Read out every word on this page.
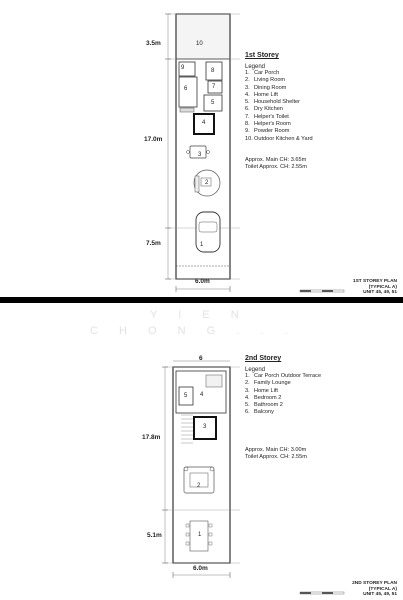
10
9	8
6	7
5
4
3
2
1
3.5m
17.0m
7.5m
6.0m
1st Storey
Legend
1. Car Porch
2. Living Room
3. Dining Room
4. Home Lift
5. Household Shelter
6. Dry Kitchen
7. Helper's Toilet
8. Helper's Room
9. Powder Room
10.Outdoor Kitchen & Yard
Approx. Main CH: 3.65m
Toilet Approx. CH: 2.55m
1ST STOREY PLAN
(TYPICAL A)
UNIT 45, 49, 51
Y I E N
C H O N G . . .
5 4
3
2
1
6
17.8m
5.1m
6.0m
2nd Storey
Legend
1. Car Porch Outdoor Terrace
2. Family Lounge
3. Home Lift
4. Bedroom 2
5. Bathroom 2
6. Balcony
Approx. Main CH: 3.00m
Toilet Approx. CH: 2.55m
2ND STOREY PLAN
(TYPICAL A)
UNIT 45, 49, 51
